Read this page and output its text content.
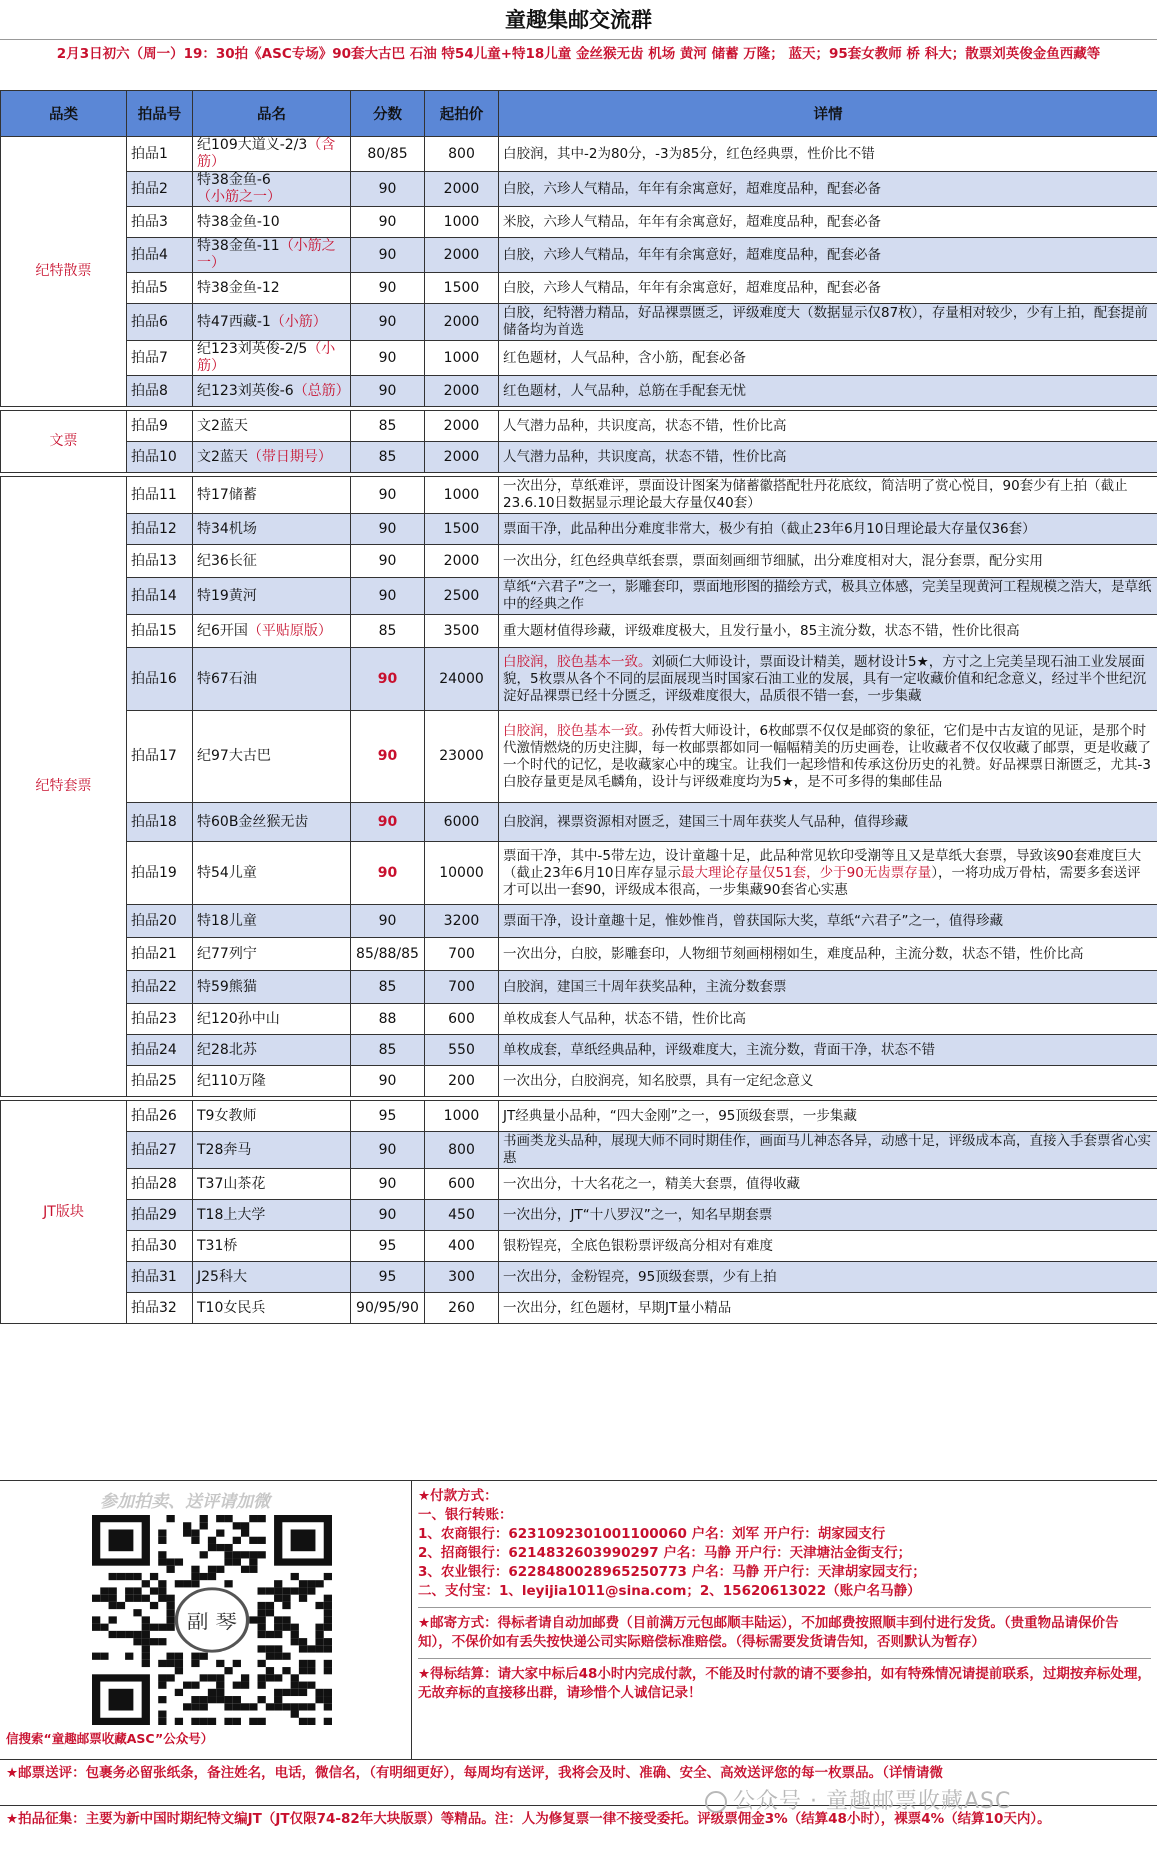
童趣集邮交流群
2月3日初六（周一）19：30拍《ASC专场》90套大古巴 石油 特54儿童+特18儿童 金丝猴无齿 机场 黄河 储蓄 万隆； 蓝天；95套女教师 桥 科大；散票刘英俊金鱼西藏等
品类	拍品号	品名	分数	起拍价	详情
纪特散票	拍品1	纪109大道义-2/3（含筋）	80/85	800	白胶润，其中-2为80分，-3为85分，红色经典票，性价比不错
	拍品2	特38金鱼-6（小筋之一）	90	2000	白胶，六珍人气精品，年年有余寓意好，超难度品种，配套必备
	拍品3	特38金鱼-10	90	1000	米胶，六珍人气精品，年年有余寓意好，超难度品种，配套必备
	拍品4	特38金鱼-11（小筋之一）	90	2000	白胶，六珍人气精品，年年有余寓意好，超难度品种，配套必备
	拍品5	特38金鱼-12	90	1500	白胶，六珍人气精品，年年有余寓意好，超难度品种，配套必备
	拍品6	特47西藏-1（小筋）	90	2000	白胶，纪特潜力精品，好品裸票匮乏，评级难度大（数据显示仅87枚），存量相对较少，少有上拍，配套提前储备均为首选
	拍品7	纪123刘英俊-2/5（小筋）	90	1000	红色题材，人气品种，含小筋，配套必备
	拍品8	纪123刘英俊-6（总筋）	90	2000	红色题材，人气品种，总筋在手配套无忧

文票	拍品9	文2蓝天	85	2000	人气潜力品种，共识度高，状态不错，性价比高
	拍品10	文2蓝天（带日期号）	85	2000	人气潜力品种，共识度高，状态不错，性价比高

纪特套票	拍品11	特17储蓄	90	1000	一次出分，草纸难评，票面设计图案为储蓄徽搭配牡丹花底纹，简洁明了赏心悦目，90套少有上拍（截止23.6.10日数据显示理论最大存量仅40套）
	拍品12	特34机场	90	1500	票面干净，此品种出分难度非常大，极少有拍（截止23年6月10日理论最大存量仅36套）
	拍品13	纪36长征	90	2000	一次出分，红色经典草纸套票，票面刻画细节细腻，出分难度相对大，混分套票，配分实用
	拍品14	特19黄河	90	2500	草纸“六君子”之一，影雕套印，票面地形图的描绘方式，极具立体感，完美呈现黄河工程规模之浩大，是草纸中的经典之作
	拍品15	纪6开国（平贴原版）	85	3500	重大题材值得珍藏，评级难度极大，且发行量小，85主流分数，状态不错，性价比很高
	拍品16	特67石油	90	24000	白胶润，胶色基本一致。刘硕仁大师设计，票面设计精美，题材设计5★，方寸之上完美呈现石油工业发展面貌，5枚票从各个不同的层面展现当时国家石油工业的发展，具有一定收藏价值和纪念意义，经过半个世纪沉淀好品裸票已经十分匮乏，评级难度很大，品质很不错一套，一步集藏
	拍品17	纪97大古巴	90	23000	白胶润，胶色基本一致。孙传哲大师设计，6枚邮票不仅仅是邮资的象征，它们是中古友谊的见证，是那个时代激情燃烧的历史注脚，每一枚邮票都如同一幅幅精美的历史画卷，让收藏者不仅仅收藏了邮票，更是收藏了一个时代的记忆，是收藏家心中的瑰宝。让我们一起珍惜和传承这份历史的礼赞。好品裸票日渐匮乏，尤其-3白胶存量更是凤毛麟角，设计与评级难度均为5★，是不可多得的集邮佳品
	拍品18	特60B金丝猴无齿	90	6000	白胶润，裸票资源相对匮乏，建国三十周年获奖人气品种，值得珍藏
	拍品19	特54儿童	90	10000	票面干净，其中-5带左边，设计童趣十足，此品种常见软印受潮等且又是草纸大套票，导致该90套难度巨大（截止23年6月10日库存显示最大理论存量仅51套，少于90无齿票存量），一将功成万骨枯，需要多套送评才可以出一套90，评级成本很高，一步集藏90套省心实惠
	拍品20	特18儿童	90	3200	票面干净，设计童趣十足，惟妙惟肖，曾获国际大奖，草纸“六君子”之一，值得珍藏
	拍品21	纪77列宁	85/88/85	700	一次出分，白胶，影雕套印，人物细节刻画栩栩如生，难度品种，主流分数，状态不错，性价比高
	拍品22	特59熊猫	85	700	白胶润，建国三十周年获奖品种，主流分数套票
	拍品23	纪120孙中山	88	600	单枚成套人气品种，状态不错，性价比高
	拍品24	纪28北苏	85	550	单枚成套，草纸经典品种，评级难度大，主流分数，背面干净，状态不错
	拍品25	纪110万隆	90	200	一次出分，白胶润亮，知名胶票，具有一定纪念意义

JT版块	拍品26	T9女教师	95	1000	JT经典量小品种，“四大金刚”之一，95顶级套票，一步集藏
	拍品27	T28奔马	90	800	书画类龙头品种，展现大师不同时期佳作，画面马儿神态各异，动感十足，评级成本高，直接入手套票省心实惠
	拍品28	T37山茶花	90	600	一次出分，十大名花之一，精美大套票，值得收藏
	拍品29	T18上大学	90	450	一次出分，JT“十八罗汉”之一，知名早期套票
	拍品30	T31桥	95	400	银粉锃亮，全底色银粉票评级高分相对有难度
	拍品31	J25科大	95	300	一次出分，金粉锃亮，95顶级套票，少有上拍
	拍品32	T10女民兵	90/95/90	260	一次出分，红色题材，早期JT量小精品
参加拍卖、送评请加微
副 琴
信搜索“童趣邮票收藏ASC”公众号）
★付款方式：
一、银行转账：
1、农商银行：6231092301001100060 户名：刘军 开户行：胡家园支行
2、招商银行：6214832603990297 户名：马静 开户行：天津塘沽金街支行；
3、农业银行：6228480028965250773 户名：马静 开户行：天津胡家园支行；
二、支付宝：1、leyijia1011@sina.com；2、15620613022（账户名马静）
★邮寄方式：得标者请自动加邮费（目前满万元包邮顺丰陆运），不加邮费按照顺丰到付进行发货。（贵重物品请保价告知），不保价如有丢失按快递公司实际赔偿标准赔偿。（得标需要发货请告知，否则默认为暂存）
★得标结算：请大家中标后48小时内完成付款，不能及时付款的请不要参拍，如有特殊情况请提前联系，过期按弃标处理，无故弃标的直接移出群，请珍惜个人诚信记录！
★邮票送评：包裹务必留张纸条，备注姓名，电话，微信名，（有明细更好），每周均有送评，我将会及时、准确、安全、高效送评您的每一枚票品。（详情请微
★拍品征集：主要为新中国时期纪特文编JT（JT仅限74-82年大块版票）等精品。注：人为修复票一律不接受委托。评级票佣金3%（结算48小时），裸票4%（结算10天内）。
公众号 · 童趣邮票收藏ASC
